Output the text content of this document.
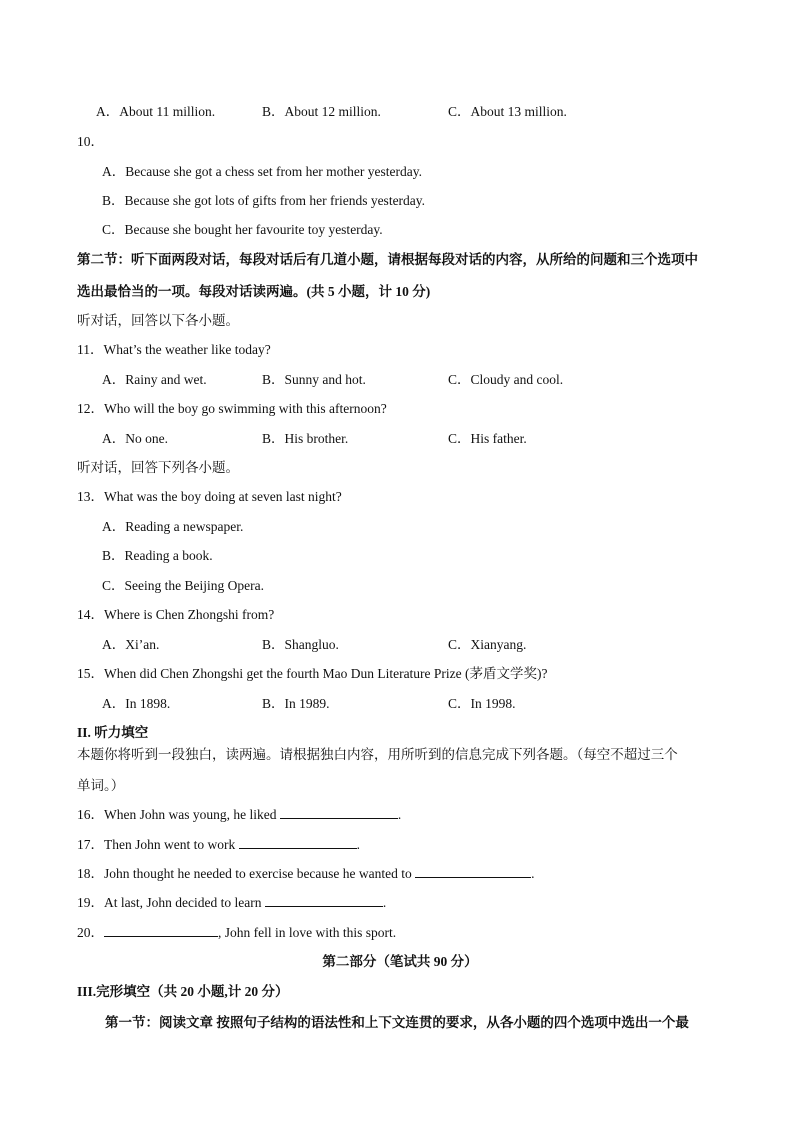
A．About 11 million.	B．About 12 million.	C．About 13 million.
10．
A．Because she got a chess set from her mother yesterday.
B．Because she got lots of gifts from her friends yesterday.
C．Because she bought her favourite toy yesterday.
第二节：听下面两段对话，每段对话后有几道小题，请根据每段对话的内容，从所给的问题和三个选项中
选出最恰当的一项。每段对话读两遍。(共 5 小题，计 10 分)
听对话，回答以下各小题。
11．What’s the weather like today?
A．Rainy and wet.	B．Sunny and hot.	C．Cloudy and cool.
12．Who will the boy go swimming with this afternoon?
A．No one.	B．His brother.	C．His father.
听对话，回答下列各小题。
13．What was the boy doing at seven last night?
A．Reading a newspaper.
B．Reading a book.
C．Seeing the Beijing Opera.
14．Where is Chen Zhongshi from?
A．Xi’an.	B．Shangluo.	C．Xianyang.
15．When did Chen Zhongshi get the fourth Mao Dun Literature Prize (茅盾文学奖)?
A．In 1898.	B．In 1989.	C．In 1998.
II. 听力填空
本题你将听到一段独白，读两遍。请根据独白内容，用所听到的信息完成下列各题。（每空不超过三个
单词。）
16．When John was young, he liked	.
17．Then John went to work	.
18．John thought he needed to exercise because he wanted to	.
19．At last, John decided to learn	.
20．	, John fell in love with this sport.
第二部分（笔试共 90 分）
III.完形填空（共 20 小题,计 20 分）
第一节：阅读文章 按照句子结构的语法性和上下文连贯的要求，从各小题的四个选项中选出一个最
